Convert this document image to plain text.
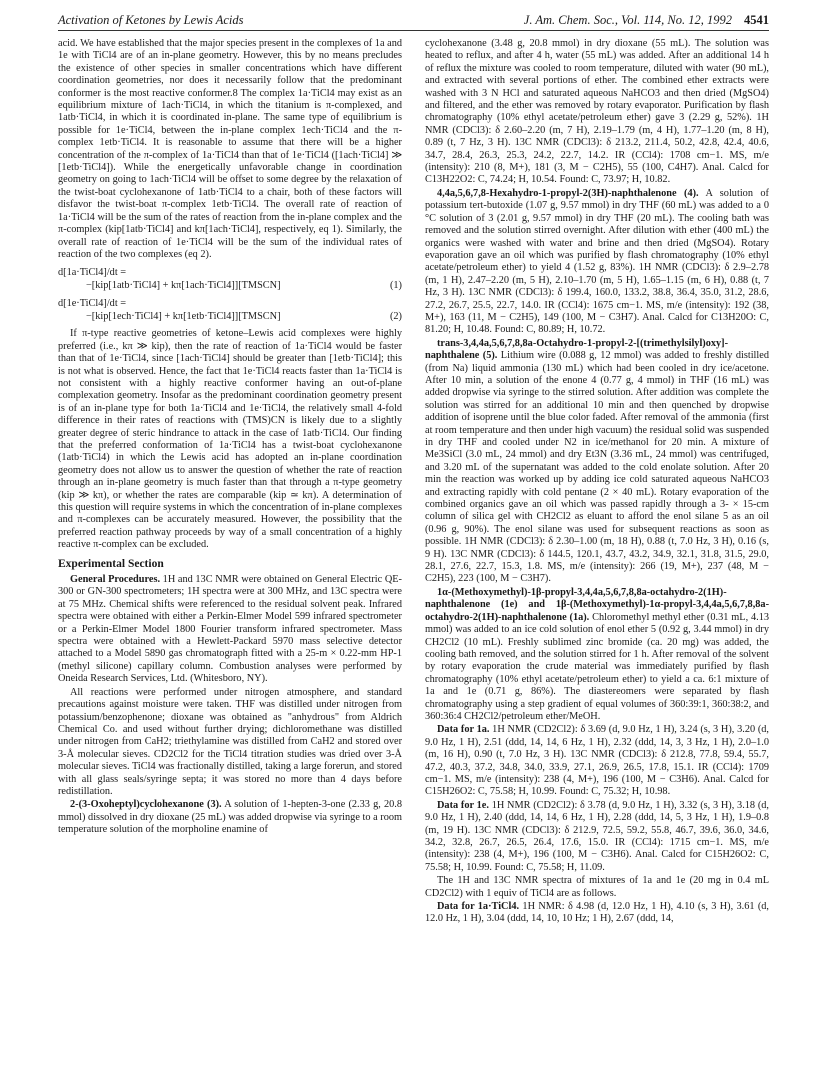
Activation of Ketones by Lewis Acids	J. Am. Chem. Soc., Vol. 114, No. 12, 1992 4541

acid. We have established that the major species present in the complexes of 1a and 1e with TiCl4 are of an in-plane geometry. However, this by no means precludes the existence of other species in smaller concentrations which have different coordination geometries, nor does it necessarily follow that the predominant conformer is the most reactive conformer.8 The complex 1a·TiCl4 may exist as an equilibrium mixture of 1ach·TiCl4, in which the titanium is π-complexed, and 1atb·TiCl4, in which it is coordinated in-plane. The same type of equilibrium is possible for 1e·TiCl4, between the in-plane complex 1ech·TiCl4 and the π-complex 1etb·TiCl4. It is reasonable to assume that there will be a higher concentration of the π-complex of 1a·TiCl4 than that of 1e·TiCl4 ([1ach·TiCl4] ≫ [1etb·TiCl4]). While the energetically unfavorable change in coordination geometry on going to 1ach·TiCl4 will be offset to some degree by the relaxation of the twist-boat cyclohexanone of 1atb·TiCl4 to a chair, both of these factors will disfavor the twist-boat π-complex 1etb·TiCl4. The overall rate of reaction of 1a·TiCl4 will be the sum of the rates of reaction from the in-plane complex and the π-complex (kip[1atb·TiCl4] and kπ[1ach·TiCl4], respectively, eq 1). Similarly, the overall rate of reaction of 1e·TiCl4 will be the sum of the individual rates of reaction of the two complexes (eq 2).

d[1a·TiCl4]/dt =
−[kip[1atb·TiCl4] + kπ[1ach·TiCl4]][TMSCN]	(1)
d[1e·TiCl4]/dt =
−[kip[1ech·TiCl4] + kπ[1etb·TiCl4]][TMSCN]	(2)

If π-type reactive geometries of ketone–Lewis acid complexes were highly preferred (i.e., kπ ≫ kip), then the rate of reaction of 1a·TiCl4 would be faster than that of 1e·TiCl4, since [1ach·TiCl4] should be greater than [1etb·TiCl4]; this is not what is observed. Hence, the fact that 1e·TiCl4 reacts faster than 1a·TiCl4 is not consistent with a highly reactive conformer having an out-of-plane complexation geometry. Insofar as the predominant coordination geometry present is of an in-plane type for both 1a·TiCl4 and 1e·TiCl4, the relatively small 4-fold difference in their rates of reactions with (TMS)CN is likely due to a slightly greater degree of steric hindrance to attack in the case of 1atb·TiCl4. Our finding that the preferred conformation of 1a·TiCl4 has a twist-boat cyclohexanone (1atb·TiCl4) in which the Lewis acid has adopted an in-plane coordination geometry does not allow us to answer the question of whether the rate of reaction through an in-plane geometry is much faster than that through a π-type geometry (kip ≫ kπ), or whether the rates are comparable (kip ≃ kπ). A determination of this question will require systems in which the concentration of in-plane complexes and π-complexes can be accurately measured. However, the possibility that the preferred reaction pathway proceeds by way of a small concentration of a highly reactive π-complex can be excluded.

Experimental Section

General Procedures. 1H and 13C NMR were obtained on General Electric QE-300 or GN-300 spectrometers; 1H spectra were at 300 MHz, and 13C spectra were at 75 MHz. Chemical shifts were referenced to the residual solvent peak. Infrared spectra were obtained with either a Perkin-Elmer Model 599 infrared spectrometer or a Perkin-Elmer Model 1800 Fourier transform infrared spectrometer. Mass spectra were obtained with a Hewlett-Packard 5970 mass selective detector attached to a Model 5890 gas chromatograph fitted with a 25-m × 0.22-mm HP-1 (methyl silicone) capillary column. Combustion analyses were performed by Oneida Research Services, Ltd. (Whitesboro, NY).

All reactions were performed under nitrogen atmosphere, and standard precautions against moisture were taken. THF was distilled under nitrogen from potassium/benzophenone; dioxane was obtained as "anhydrous" from Aldrich Chemical Co. and used without further drying; dichloromethane was distilled under nitrogen from CaH2; triethylamine was distilled from CaH2 and stored over 3-Å molecular sieves. CD2Cl2 for the TiCl4 titration studies was dried over 3-Å molecular sieves. TiCl4 was fractionally distilled, taking a large forerun, and stored with all glass seals/syringe septa; it was stored no more than 4 days before redistillation.

2-(3-Oxoheptyl)cyclohexanone (3). A solution of 1-hepten-3-one (2.33 g, 20.8 mmol) dissolved in dry dioxane (25 mL) was added dropwise via syringe to a room temperature solution of the morpholine enamine of

cyclohexanone (3.48 g, 20.8 mmol) in dry dioxane (55 mL). The solution was heated to reflux, and after 4 h, water (55 mL) was added. After an additional 14 h of reflux the mixture was cooled to room temperature, diluted with water (90 mL), and extracted with several portions of ether. The combined ether extracts were washed with 3 N HCl and saturated aqueous NaHCO3 and then dried (MgSO4) and filtered, and the ether was removed by rotary evaporator. Purification by flash chromatography (10% ethyl acetate/petroleum ether) gave 3 (2.29 g, 52%). 1H NMR (CDCl3): δ 2.60–2.20 (m, 7 H), 2.19–1.79 (m, 4 H), 1.77–1.20 (m, 8 H), 0.89 (t, 7 Hz, 3 H). 13C NMR (CDCl3): δ 213.2, 211.4, 50.2, 42.8, 42.4, 40.6, 34.7, 28.4, 26.3, 25.3, 24.2, 22.7, 14.2. IR (CCl4): 1708 cm−1. MS, m/e (intensity): 210 (8, M+), 181 (3, M − C2H5), 55 (100, C4H7). Anal. Calcd for C13H22O2: C, 74.24; H, 10.54. Found: C, 73.97; H, 10.82.

4,4a,5,6,7,8-Hexahydro-1-propyl-2(3H)-naphthalenone (4). A solution of potassium tert-butoxide (1.07 g, 9.57 mmol) in dry THF (60 mL) was added to a 0 °C solution of 3 (2.01 g, 9.57 mmol) in dry THF (20 mL). The cooling bath was removed and the solution stirred overnight. After dilution with ether (400 mL) the organics were washed with water and brine and then dried (MgSO4). Rotary evaporation gave an oil which was purified by flash chromatography (10% ethyl acetate/petroleum ether) to yield 4 (1.52 g, 83%). 1H NMR (CDCl3): δ 2.9–2.78 (m, 1 H), 2.47–2.20 (m, 5 H), 2.10–1.70 (m, 5 H), 1.65–1.15 (m, 6 H), 0.88 (t, 7 Hz, 3 H). 13C NMR (CDCl3): δ 199.4, 160.0, 133.2, 38.8, 36.4, 35.0, 31.2, 28.6, 27.2, 26.7, 25.5, 22.7, 14.0. IR (CCl4): 1675 cm−1. MS, m/e (intensity): 192 (38, M+), 163 (11, M − C2H5), 149 (100, M − C3H7). Anal. Calcd for C13H20O: C, 81.20; H, 10.48. Found: C, 80.89; H, 10.72.

trans-3,4,4a,5,6,7,8,8a-Octahydro-1-propyl-2-[(trimethylsilyl)oxy]-naphthalene (5). Lithium wire (0.088 g, 12 mmol) was added to freshly distilled (from Na) liquid ammonia (130 mL) which had been cooled in dry ice/acetone. After 10 min, a solution of the enone 4 (0.77 g, 4 mmol) in THF (16 mL) was added dropwise via syringe to the stirred solution. After addition was complete the solution was stirred for an additional 10 min and then quenched by dropwise addition of isoprene until the blue color faded. After removal of the ammonia (first at room temperature and then under high vacuum) the residual solid was suspended in dry THF and cooled under N2 in ice/methanol for 20 min. A mixture of Me3SiCl (3.0 mL, 24 mmol) and dry Et3N (3.36 mL, 24 mmol) was centrifuged, and 3.20 mL of the supernatant was added to the cold enolate solution. After 20 min the reaction was worked up by adding ice cold saturated aqueous NaHCO3 and extracting rapidly with cold pentane (2 × 40 mL). Rotary evaporation of the combined organics gave an oil which was passed rapidly through a 3- × 15-cm column of silica gel with CH2Cl2 as eluant to afford the enol silane 5 as an oil (0.96 g, 90%). The enol silane was used for subsequent reactions as soon as possible. 1H NMR (CDCl3): δ 2.30–1.00 (m, 18 H), 0.88 (t, 7.0 Hz, 3 H), 0.16 (s, 9 H). 13C NMR (CDCl3): δ 144.5, 120.1, 43.7, 43.2, 34.9, 32.1, 31.8, 31.5, 29.0, 28.1, 27.6, 22.7, 15.3, 1.8. MS, m/e (intensity): 266 (19, M+), 237 (48, M − C2H5), 223 (100, M − C3H7).

1α-(Methoxymethyl)-1β-propyl-3,4,4a,5,6,7,8,8a-octahydro-2(1H)-naphthalenone (1e) and 1β-(Methoxymethyl)-1α-propyl-3,4,4a,5,6,7,8,8a-octahydro-2(1H)-naphthalenone (1a). Chloromethyl methyl ether (0.31 mL, 4.13 mmol) was added to an ice cold solution of enol ether 5 (0.92 g, 3.44 mmol) in dry CH2Cl2 (10 mL). Freshly sublimed zinc bromide (ca. 20 mg) was added, the cooling bath removed, and the solution stirred for 1 h. After removal of the solvent by rotary evaporation the crude material was immediately purified by flash chromatography (10% ethyl acetate/petroleum ether) to yield a ca. 6:1 mixture of 1a and 1e (0.71 g, 86%). The diastereomers were separated by flash chromatography using a step gradient of equal volumes of 360:39:1, 360:38:2, and 360:36:4 CH2Cl2/petroleum ether/MeOH.

Data for 1a. 1H NMR (CD2Cl2): δ 3.69 (d, 9.0 Hz, 1 H), 3.24 (s, 3 H), 3.20 (d, 9.0 Hz, 1 H), 2.51 (ddd, 14, 14, 6 Hz, 1 H), 2.32 (ddd, 14, 3, 3 Hz, 1 H), 2.0–1.0 (m, 16 H), 0.90 (t, 7.0 Hz, 3 H). 13C NMR (CDCl3): δ 212.8, 77.8, 59.4, 55.7, 47.2, 40.3, 37.2, 34.8, 34.0, 33.9, 27.1, 26.9, 26.5, 17.8, 15.1. IR (CCl4): 1709 cm−1. MS, m/e (intensity): 238 (4, M+), 196 (100, M − C3H6). Anal. Calcd for C15H26O2: C, 75.58; H, 10.99. Found: C, 75.32; H, 10.98.

Data for 1e. 1H NMR (CD2Cl2): δ 3.78 (d, 9.0 Hz, 1 H), 3.32 (s, 3 H), 3.18 (d, 9.0 Hz, 1 H), 2.40 (ddd, 14, 14, 6 Hz, 1 H), 2.28 (ddd, 14, 5, 3 Hz, 1 H), 1.9–0.8 (m, 19 H). 13C NMR (CDCl3): δ 212.9, 72.5, 59.2, 55.8, 46.7, 39.6, 36.0, 34.6, 34.2, 32.8, 26.7, 26.5, 26.4, 17.6, 15.0. IR (CCl4): 1715 cm−1. MS, m/e (intensity): 238 (4, M+), 196 (100, M − C3H6). Anal. Calcd for C15H26O2: C, 75.58; H, 10.99. Found: C, 75.58; H, 11.09.

The 1H and 13C NMR spectra of mixtures of 1a and 1e (20 mg in 0.4 mL CD2Cl2) with 1 equiv of TiCl4 are as follows.

Data for 1a·TiCl4. 1H NMR: δ 4.98 (d, 12.0 Hz, 1 H), 4.10 (s, 3 H), 3.61 (d, 12.0 Hz, 1 H), 3.04 (ddd, 14, 10, 10 Hz; 1 H), 2.67 (ddd, 14,
